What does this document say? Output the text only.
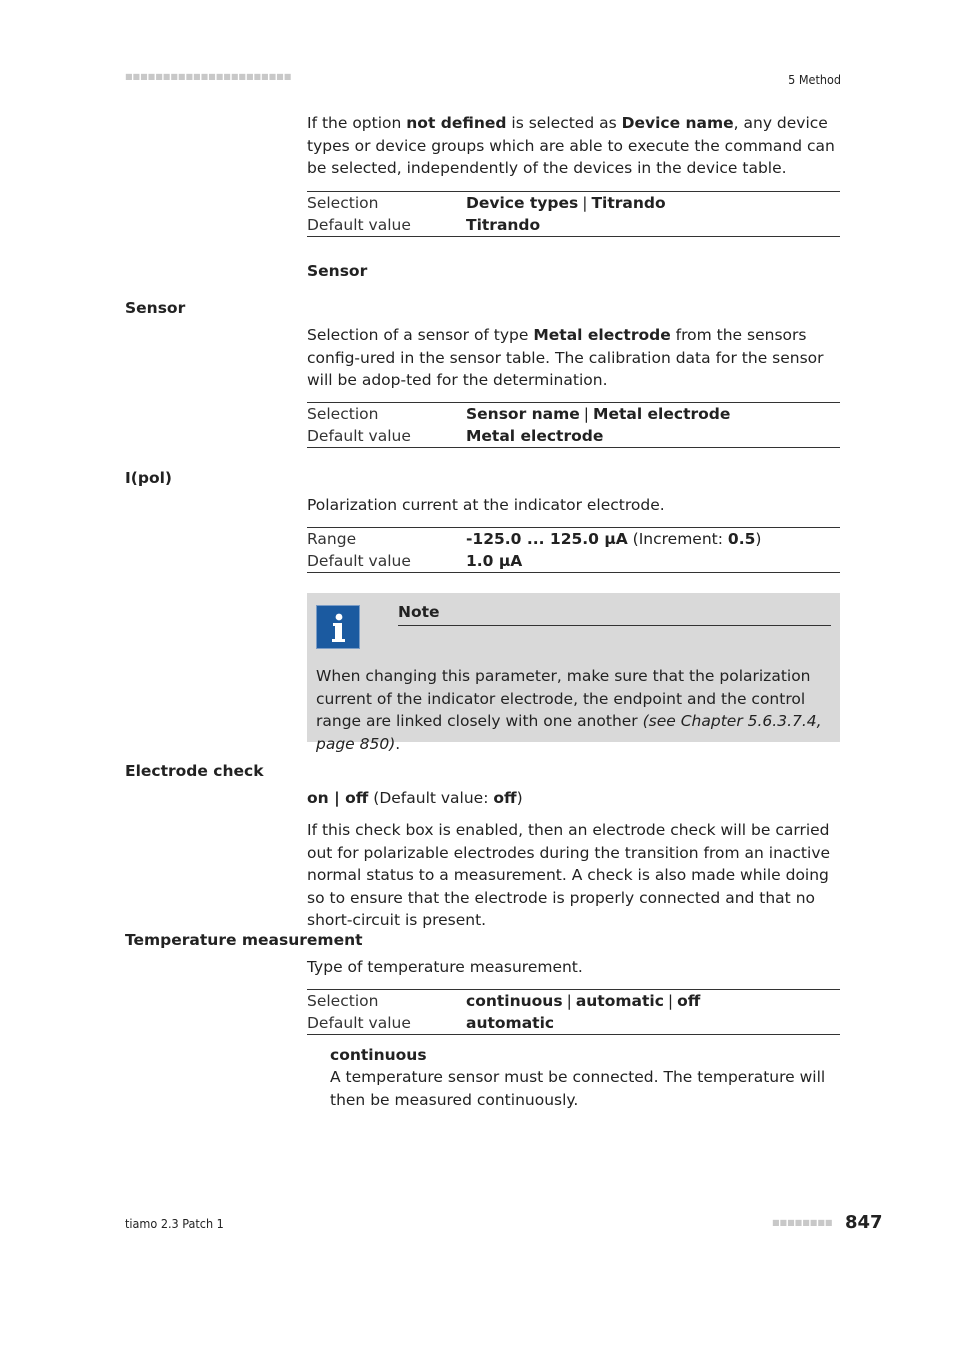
■■■■■■■■■■■■■■■■■■■■■■	5 Method
If the option not defined is selected as Device name, any device types or device groups which are able to execute the command can be selected, independently of the devices in the device table.
Selection	Device types | Titrando
Default value	Titrando
Sensor
Sensor
Selection of a sensor of type Metal electrode from the sensors config-ured in the sensor table. The calibration data for the sensor will be adop-ted for the determination.
Selection	Sensor name | Metal electrode
Default value	Metal electrode
I(pol)
Polarization current at the indicator electrode.
Range	-125.0 ... 125.0 µA (Increment: 0.5)
Default value	1.0 µA
Note
When changing this parameter, make sure that the polarization current of the indicator electrode, the endpoint and the control range are linked closely with one another (see Chapter 5.6.3.7.4, page 850).
Electrode check
on | off (Default value: off)
If this check box is enabled, then an electrode check will be carried out for polarizable electrodes during the transition from an inactive normal status to a measurement. A check is also made while doing so to ensure that the electrode is properly connected and that no short-circuit is present.
Temperature measurement
Type of temperature measurement.
Selection	continuous | automatic | off
Default value	automatic
continuous
A temperature sensor must be connected. The temperature will then be measured continuously.
tiamo 2.3 Patch 1	■■■■■■■■ 847
